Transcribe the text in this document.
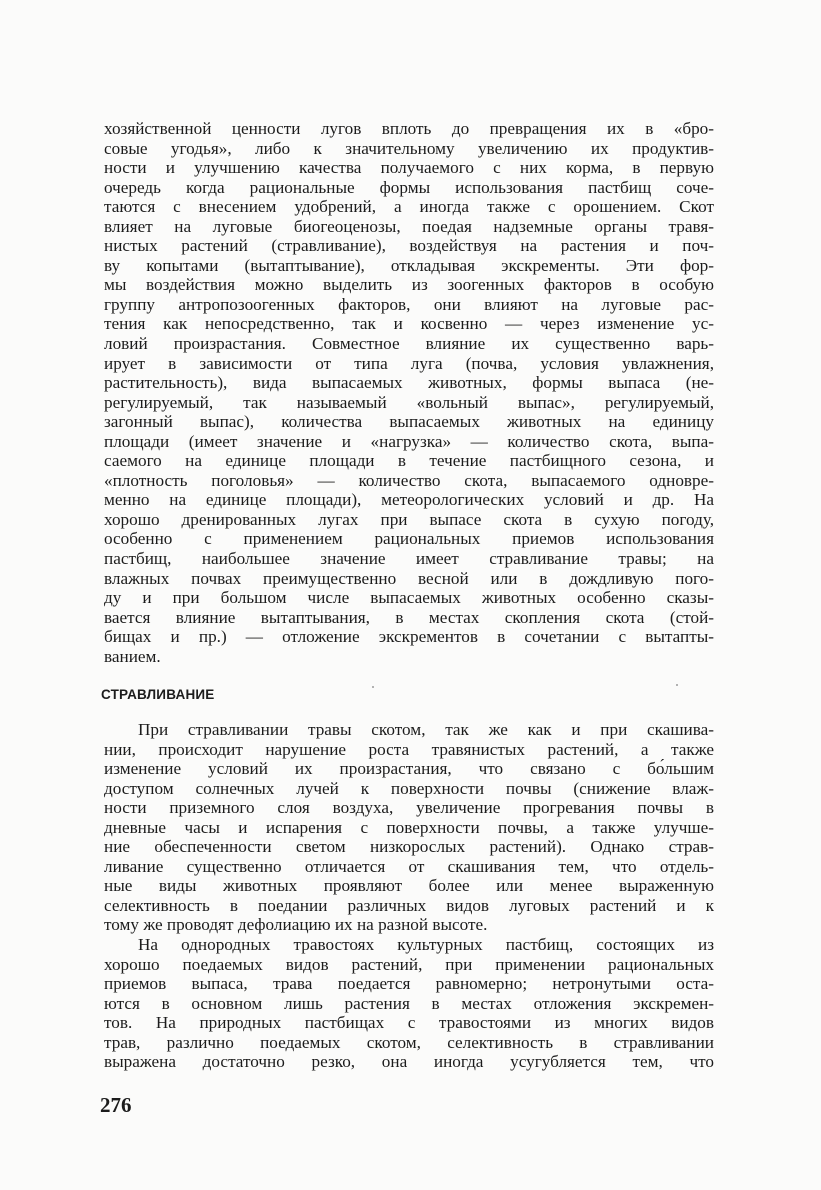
хозяйственной ценности лугов вплоть до превращения их в «бро-
совые угодья», либо к значительному увеличению их продуктив-
ности и улучшению качества получаемого с них корма, в первую
очередь когда рациональные формы использования пастбищ соче-
таются с внесением удобрений, а иногда также с орошением. Скот
влияет на луговые биогеоценозы, поедая надземные органы травя-
нистых растений (стравливание), воздействуя на растения и поч-
ву копытами (вытаптывание), откладывая экскременты. Эти фор-
мы воздействия можно выделить из зоогенных факторов в особую
группу антропозоогенных факторов, они влияют на луговые рас-
тения как непосредственно, так и косвенно — через изменение ус-
ловий произрастания. Совместное влияние их существенно варь-
ирует в зависимости от типа луга (почва, условия увлажнения,
растительность), вида выпасаемых животных, формы выпаса (не-
регулируемый, так называемый «вольный выпас», регулируемый,
загонный выпас), количества выпасаемых животных на единицу
площади (имеет значение и «нагрузка» — количество скота, выпа-
саемого на единице площади в течение пастбищного сезона, и
«плотность поголовья» — количество скота, выпасаемого одновре-
менно на единице площади), метеорологических условий и др. На
хорошо дренированных лугах при выпасе скота в сухую погоду,
особенно с применением рациональных приемов использования
пастбищ, наибольшее значение имеет стравливание травы; на
влажных почвах преимущественно весной или в дождливую пого-
ду и при большом числе выпасаемых животных особенно сказы-
вается влияние вытаптывания, в местах скопления скота (стой-
бищах и пр.) — отложение экскрементов в сочетании с вытапты-
ванием.
СТРАВЛИВАНИЕ
При стравливании травы скотом, так же как и при скашива-
нии, происходит нарушение роста травянистых растений, а также
изменение условий их произрастания, что связано с бо́льшим
доступом солнечных лучей к поверхности почвы (снижение влаж-
ности приземного слоя воздуха, увеличение прогревания почвы в
дневные часы и испарения с поверхности почвы, а также улучше-
ние обеспеченности светом низкорослых растений). Однако страв-
ливание существенно отличается от скашивания тем, что отдель-
ные виды животных проявляют более или менее выраженную
селективность в поедании различных видов луговых растений и к
тому же проводят дефолиацию их на разной высоте.
На однородных травостоях культурных пастбищ, состоящих из
хорошо поедаемых видов растений, при применении рациональных
приемов выпаса, трава поедается равномерно; нетронутыми оста-
ются в основном лишь растения в местах отложения экскремен-
тов. На природных пастбищах с травостоями из многих видов
трав, различно поедаемых скотом, селективность в стравливании
выражена достаточно резко, она иногда усугубляется тем, что
276
